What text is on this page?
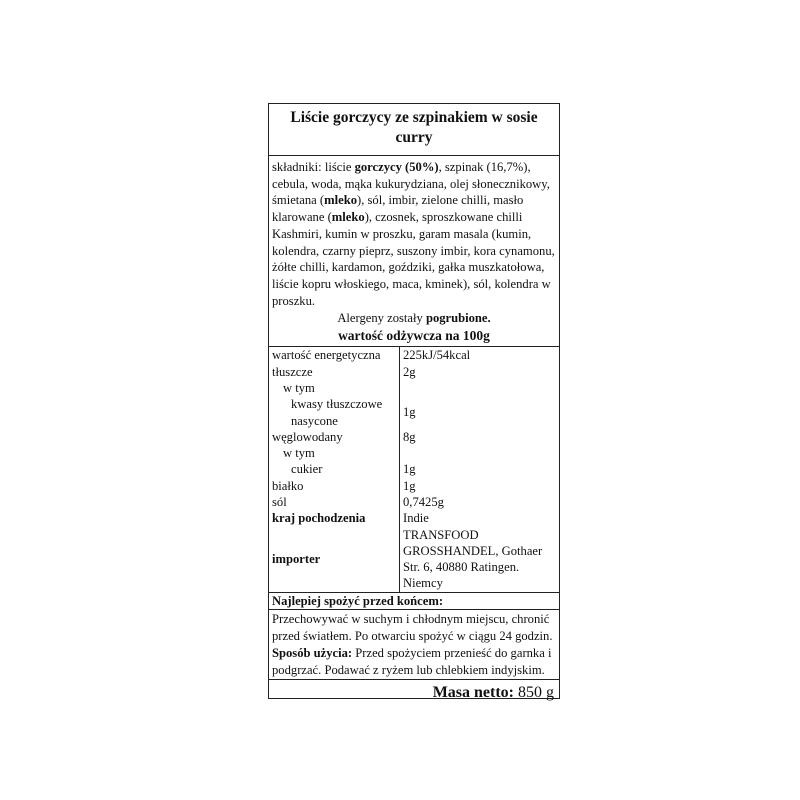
Liście gorczycy ze szpinakiem w sosie curry
składniki: liście gorczycy (50%), szpinak (16,7%), cebula, woda, mąka kukurydziana, olej słonecznikowy, śmietana (mleko), sól, imbir, zielone chilli, masło klarowane (mleko), czosnek, sproszkowane chilli Kashmiri, kumin w proszku, garam masala (kumin, kolendra, czarny pieprz, suszony imbir, kora cynamonu, żółte chilli, kardamon, goździki, gałka muszkatołowa, liście kopru włoskiego, maca, kminek), sól, kolendra w proszku.
Alergeny zostały pogrubione.
wartość odżywcza na 100g
wartość energetyczna	225kJ/54kcal
tłuszcze	2g
w tym	
kwasy tłuszczowe nasycone	1g
węglowodany	8g
w tym	
cukier	1g
białko	1g
sól	0,7425g
kraj pochodzenia	Indie
importer	TRANSFOOD GROSSHANDEL, Gothaer Str. 6, 40880 Ratingen. Niemcy
Najlepiej spożyć przed końcem:
Przechowywać w suchym i chłodnym miejscu, chronić przed światłem. Po otwarciu spożyć w ciągu 24 godzin.
Sposób użycia: Przed spożyciem przenieść do garnka i podgrzać. Podawać z ryżem lub chlebkiem indyjskim.
Masa netto: 850 g
